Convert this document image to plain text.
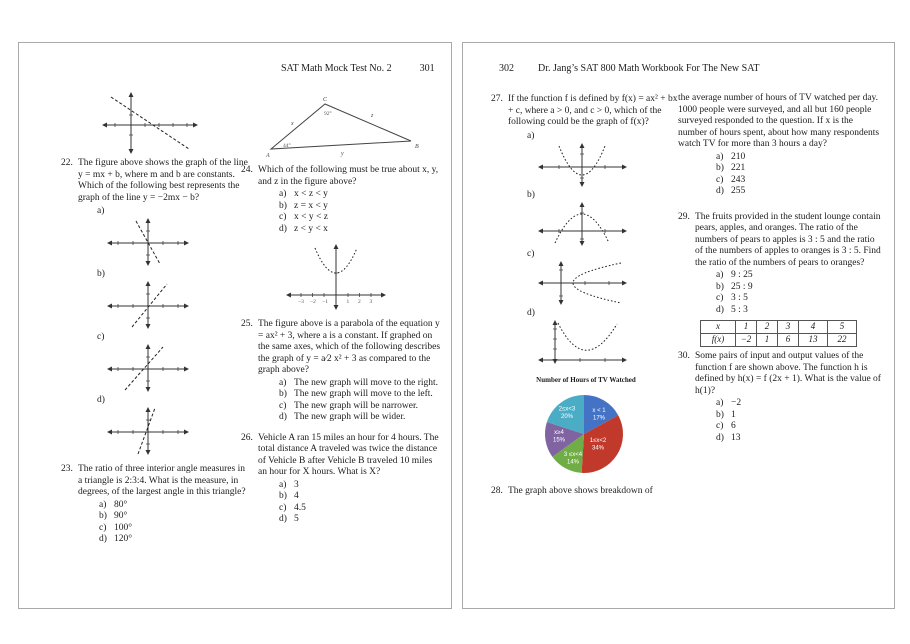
SAT Math Mock Test No. 2	301
22. The figure above shows the graph of the line y = mx + b, where m and b are constants. Which of the following best represents the graph of the line y = −2mx − b?
a)
b)
c)
d)
23. The ratio of three interior angle measures in a triangle is 2:3:4. What is the measure, in degrees, of the largest angle in this triangle?
a) 80°
b) 90°
c) 100°
d) 120°
A
B
C
92°
44°
x
z
y
24. Which of the following must be true about x, y, and z in the figure above?
a) x < z < y
b) z = x < y
c) x < y < z
d) z < y < x
−3 −2 −1	1 2 3
25. The figure above is a parabola of the equation y = ax² + 3, where a is a constant. If graphed on the same axes, which of the following describes the graph of y = a⁄2 x² + 3 as compared to the graph above?
a) The new graph will move to the right.
b) The new graph will move to the left.
c) The new graph will be narrower.
d) The new graph will be wider.
26. Vehicle A ran 15 miles an hour for 4 hours. The total distance A traveled was twice the distance of Vehicle B after Vehicle B traveled 10 miles an hour for X hours. What is X?
a) 3
b) 4
c) 4.5
d) 5
302 Dr. Jang’s SAT 800 Math Workbook For The New SAT
27. If the function f is defined by f(x) = ax² + bx + c, where a > 0, and c > 0, which of the following could be the graph of f(x)?
a)
b)
c)
d)
Number of Hours of TV Watched
x < 1
17%
1≤x<2
34%
3 ≤x<4
14%
x≥4
15%
2≤x<3
20%
28. The graph above shows breakdown of
the average number of hours of TV watched per day. 1000 people were surveyed, and all but 160 people surveyed responded to the question. If x is the number of hours spent, about how many respondents watch TV for more than 3 hours a day?
a) 210
b) 221
c) 243
d) 255
29. The fruits provided in the student lounge contain pears, apples, and oranges. The ratio of the numbers of pears to apples is 3 : 5 and the ratio of the numbers of apples to oranges is 3 : 5. Find the ratio of the numbers of pears to oranges?
a) 9 : 25
b) 25 : 9
c) 3 : 5
d) 5 : 3
x	1	2	3	4	5
f(x)	−2	1	6	13	22
30. Some pairs of input and output values of the function f are shown above. The function h is defined by h(x) = f (2x + 1). What is the value of h(1)?
a) −2
b) 1
c) 6
d) 13
